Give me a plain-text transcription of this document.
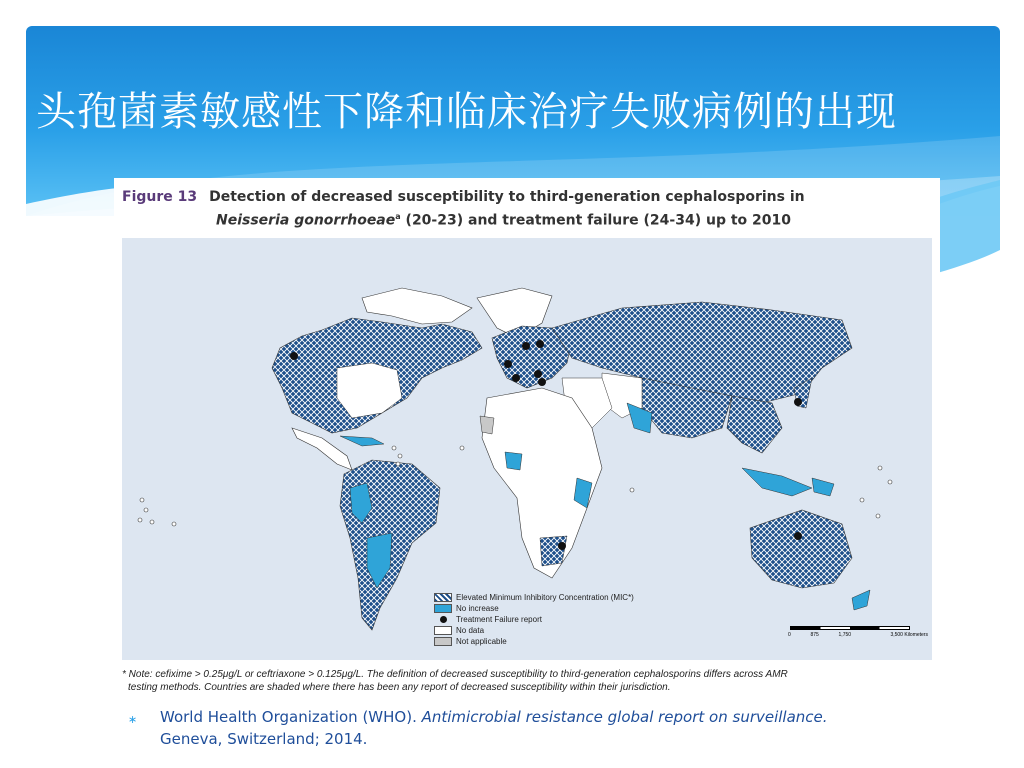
头孢菌素敏感性下降和临床治疗失败病例的出现
Figure 13 Detection of decreased susceptibility to third-generation cephalosporins in
Neisseria gonorrhoeae$^a$ (20-23) and treatment failure (24-34) up to 2010
Elevated Minimum Inhibitory Concentration (MIC*)
No increase
Treatment Failure report
No data
Not applicable
0	875	1,750	3,500 Kilometers
* Note: cefixime > 0.25μg/L or ceftriaxone > 0.125μg/L. The definition of decreased susceptibility to third-generation cephalosporins differs across AMR
testing methods. Countries are shaded where there has been any report of decreased susceptibility within their jurisdiction.
∗ World Health Organization (WHO). Antimicrobial resistance global report on surveillance.
Geneva, Switzerland; 2014.
